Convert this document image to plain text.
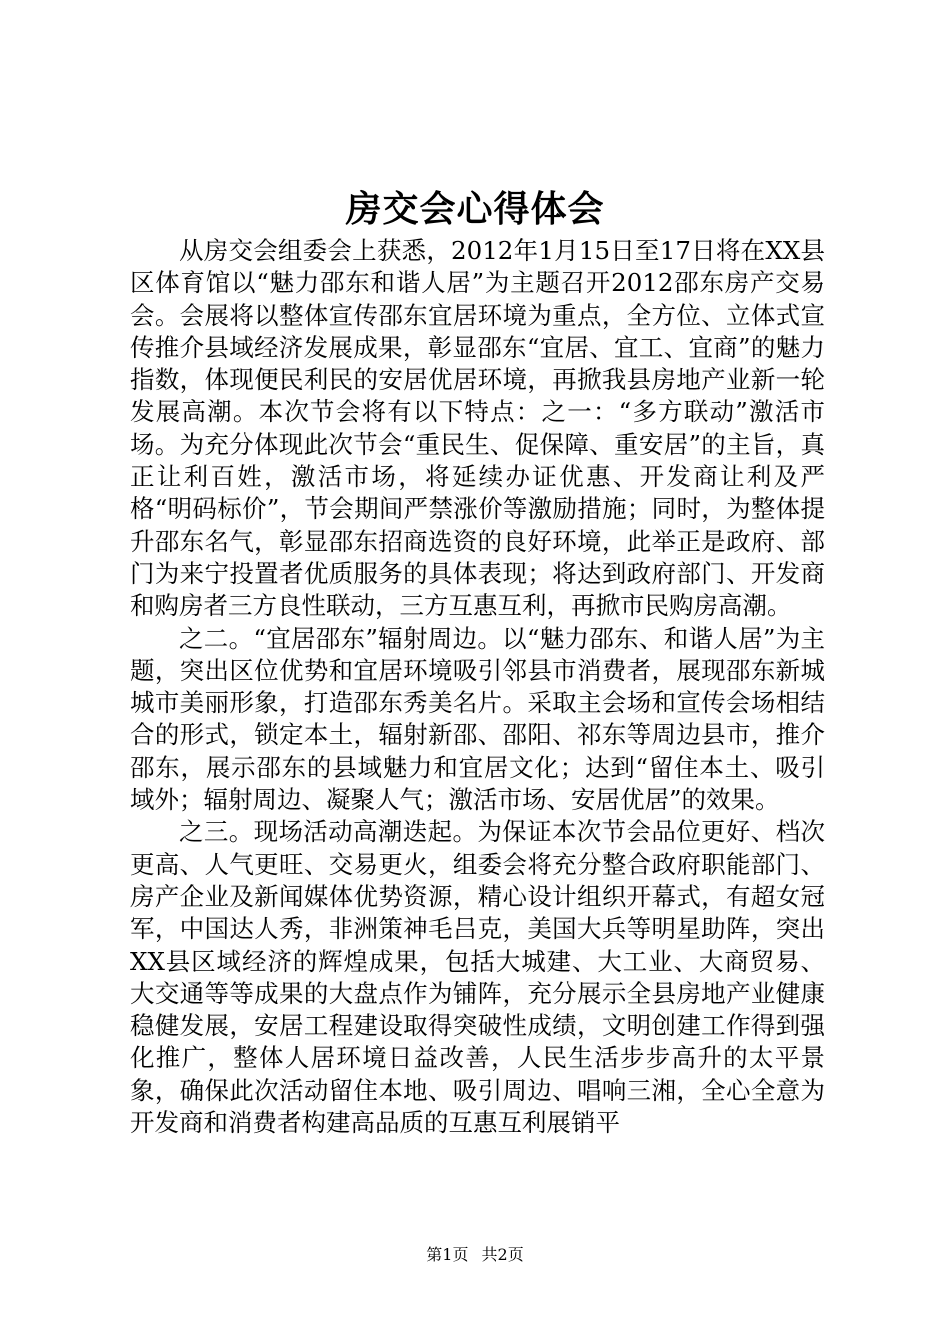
房交会心得体会

从房交会组委会上获悉，2012年1月15日至17日将在XX县区体育馆以“魅力邵东和谐人居”为主题召开2012邵东房产交易会。会展将以整体宣传邵东宜居环境为重点，全方位、立体式宣传推介县域经济发展成果，彰显邵东“宜居、宜工、宜商”的魅力指数，体现便民利民的安居优居环境，再掀我县房地产业新一轮发展高潮。本次节会将有以下特点：之一：“多方联动”激活市场。为充分体现此次节会“重民生、促保障、重安居”的主旨，真正让利百姓，激活市场，将延续办证优惠、开发商让利及严格“明码标价”，节会期间严禁涨价等激励措施；同时，为整体提升邵东名气，彰显邵东招商选资的良好环境，此举正是政府、部门为来宁投置者优质服务的具体表现；将达到政府部门、开发商和购房者三方良性联动，三方互惠互利，再掀市民购房高潮。

之二。“宜居邵东”辐射周边。以“魅力邵东、和谐人居”为主题，突出区位优势和宜居环境吸引邻县市消费者，展现邵东新城城市美丽形象，打造邵东秀美名片。采取主会场和宣传会场相结合的形式，锁定本土，辐射新邵、邵阳、祁东等周边县市，推介邵东，展示邵东的县域魅力和宜居文化；达到“留住本土、吸引域外；辐射周边、凝聚人气；激活市场、安居优居”的效果。

之三。现场活动高潮迭起。为保证本次节会品位更好、档次更高、人气更旺、交易更火，组委会将充分整合政府职能部门、房产企业及新闻媒体优势资源，精心设计组织开幕式，有超女冠军，中国达人秀，非洲策神毛吕克，美国大兵等明星助阵，突出XX县区域经济的辉煌成果，包括大城建、大工业、大商贸易、大交通等等成果的大盘点作为铺阵，充分展示全县房地产业健康稳健发展，安居工程建设取得突破性成绩，文明创建工作得到强化推广，整体人居环境日益改善，人民生活步步高升的太平景象，确保此次活动留住本地、吸引周边、唱响三湘，全心全意为开发商和消费者构建高品质的互惠互利展销平

第1页 共2页
